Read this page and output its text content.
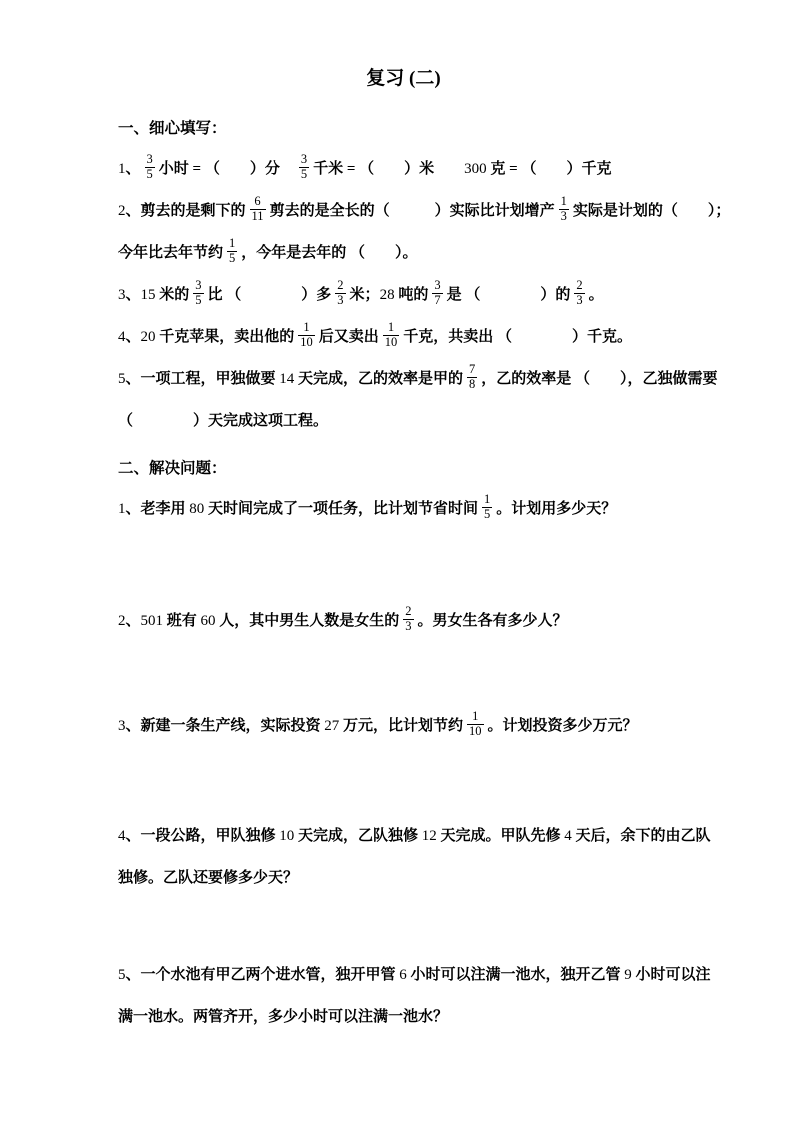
复习 (二)
一、细心填写：
1、 $\frac{3}{5}$ 小时 = （　　）分　 $\frac{3}{5}$ 千米 = （　　）米　　300 克 = （　　）千克
2、剪去的是剩下的 $\frac{6}{11}$ 剪去的是全长的（　　　）实际比计划增产 $\frac{1}{3}$ 实际是计划的（　　）；
今年比去年节约 $\frac{1}{5}$ ，今年是去年的 （　　）。
3、15 米的 $\frac{3}{5}$ 比 （　　　　）多 $\frac{2}{3}$ 米；28 吨的 $\frac{3}{7}$ 是 （　　　　）的 $\frac{2}{3}$ 。
4、20 千克苹果，卖出他的 $\frac{1}{10}$ 后又卖出 $\frac{1}{10}$ 千克，共卖出 （　　　　）千克。
5、一项工程，甲独做要 14 天完成，乙的效率是甲的 $\frac{7}{8}$ ，乙的效率是 （　　），乙独做需要
（　　　　）天完成这项工程。
二、解决问题：
1、老李用 80 天时间完成了一项任务，比计划节省时间 $\frac{1}{5}$ 。计划用多少天？
2、501 班有 60 人，其中男生人数是女生的 $\frac{2}{3}$ 。男女生各有多少人？
3、新建一条生产线，实际投资 27 万元，比计划节约 $\frac{1}{10}$ 。计划投资多少万元？
4、一段公路，甲队独修 10 天完成，乙队独修 12 天完成。甲队先修 4 天后，余下的由乙队
独修。乙队还要修多少天？
5、一个水池有甲乙两个进水管，独开甲管 6 小时可以注满一池水，独开乙管 9 小时可以注
满一池水。两管齐开，多少小时可以注满一池水？
